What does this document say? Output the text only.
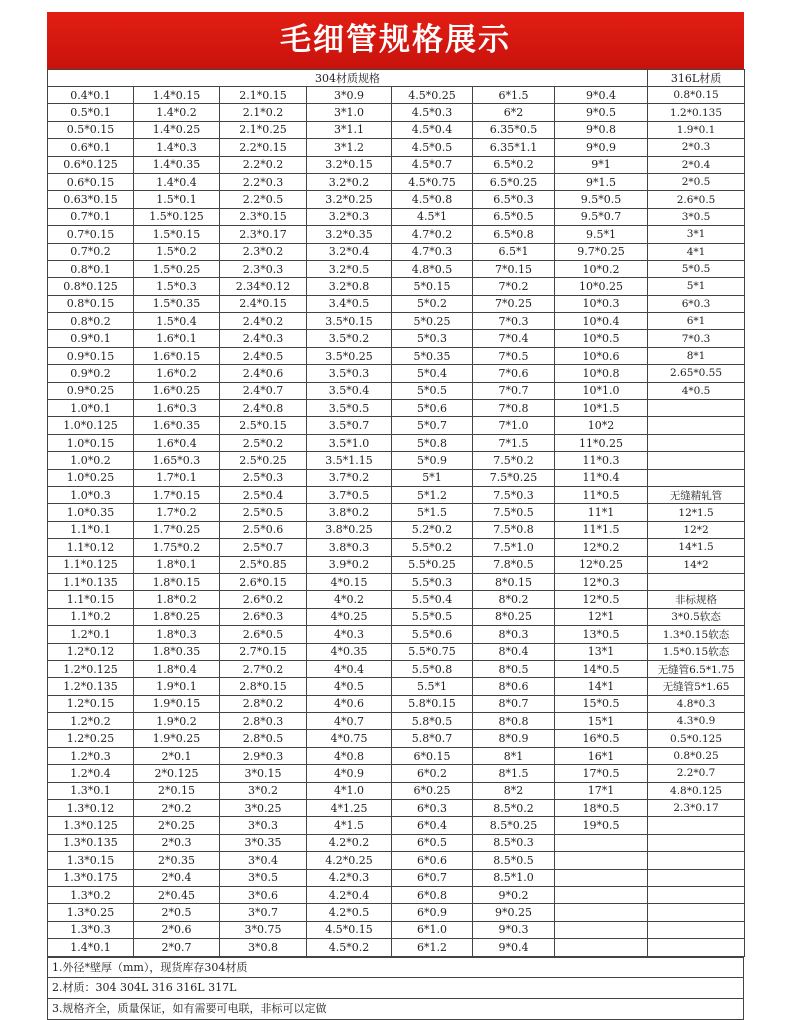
毛细管规格展示
304材质规格							316L材质
0.4*0.1	1.4*0.15	2.1*0.15	3*0.9	4.5*0.25	6*1.5	9*0.4	0.8*0.15
0.5*0.1	1.4*0.2	2.1*0.2	3*1.0	4.5*0.3	6*2	9*0.5	1.2*0.135
0.5*0.15	1.4*0.25	2.1*0.25	3*1.1	4.5*0.4	6.35*0.5	9*0.8	1.9*0.1
0.6*0.1	1.4*0.3	2.2*0.15	3*1.2	4.5*0.5	6.35*1.1	9*0.9	2*0.3
0.6*0.125	1.4*0.35	2.2*0.2	3.2*0.15	4.5*0.7	6.5*0.2	9*1	2*0.4
0.6*0.15	1.4*0.4	2.2*0.3	3.2*0.2	4.5*0.75	6.5*0.25	9*1.5	2*0.5
0.63*0.15	1.5*0.1	2.2*0.5	3.2*0.25	4.5*0.8	6.5*0.3	9.5*0.5	2.6*0.5
0.7*0.1	1.5*0.125	2.3*0.15	3.2*0.3	4.5*1	6.5*0.5	9.5*0.7	3*0.5
0.7*0.15	1.5*0.15	2.3*0.17	3.2*0.35	4.7*0.2	6.5*0.8	9.5*1	3*1
0.7*0.2	1.5*0.2	2.3*0.2	3.2*0.4	4.7*0.3	6.5*1	9.7*0.25	4*1
0.8*0.1	1.5*0.25	2.3*0.3	3.2*0.5	4.8*0.5	7*0.15	10*0.2	5*0.5
0.8*0.125	1.5*0.3	2.34*0.12	3.2*0.8	5*0.15	7*0.2	10*0.25	5*1
0.8*0.15	1.5*0.35	2.4*0.15	3.4*0.5	5*0.2	7*0.25	10*0.3	6*0.3
0.8*0.2	1.5*0.4	2.4*0.2	3.5*0.15	5*0.25	7*0.3	10*0.4	6*1
0.9*0.1	1.6*0.1	2.4*0.3	3.5*0.2	5*0.3	7*0.4	10*0.5	7*0.3
0.9*0.15	1.6*0.15	2.4*0.5	3.5*0.25	5*0.35	7*0.5	10*0.6	8*1
0.9*0.2	1.6*0.2	2.4*0.6	3.5*0.3	5*0.4	7*0.6	10*0.8	2.65*0.55
0.9*0.25	1.6*0.25	2.4*0.7	3.5*0.4	5*0.5	7*0.7	10*1.0	4*0.5
1.0*0.1	1.6*0.3	2.4*0.8	3.5*0.5	5*0.6	7*0.8	10*1.5	
1.0*0.125	1.6*0.35	2.5*0.15	3.5*0.7	5*0.7	7*1.0	10*2	
1.0*0.15	1.6*0.4	2.5*0.2	3.5*1.0	5*0.8	7*1.5	11*0.25	
1.0*0.2	1.65*0.3	2.5*0.25	3.5*1.15	5*0.9	7.5*0.2	11*0.3	
1.0*0.25	1.7*0.1	2.5*0.3	3.7*0.2	5*1	7.5*0.25	11*0.4	
1.0*0.3	1.7*0.15	2.5*0.4	3.7*0.5	5*1.2	7.5*0.3	11*0.5	无缝精轧管
1.0*0.35	1.7*0.2	2.5*0.5	3.8*0.2	5*1.5	7.5*0.5	11*1	12*1.5
1.1*0.1	1.7*0.25	2.5*0.6	3.8*0.25	5.2*0.2	7.5*0.8	11*1.5	12*2
1.1*0.12	1.75*0.2	2.5*0.7	3.8*0.3	5.5*0.2	7.5*1.0	12*0.2	14*1.5
1.1*0.125	1.8*0.1	2.5*0.85	3.9*0.2	5.5*0.25	7.8*0.5	12*0.25	14*2
1.1*0.135	1.8*0.15	2.6*0.15	4*0.15	5.5*0.3	8*0.15	12*0.3	
1.1*0.15	1.8*0.2	2.6*0.2	4*0.2	5.5*0.4	8*0.2	12*0.5	非标规格
1.1*0.2	1.8*0.25	2.6*0.3	4*0.25	5.5*0.5	8*0.25	12*1	3*0.5软态
1.2*0.1	1.8*0.3	2.6*0.5	4*0.3	5.5*0.6	8*0.3	13*0.5	1.3*0.15软态
1.2*0.12	1.8*0.35	2.7*0.15	4*0.35	5.5*0.75	8*0.4	13*1	1.5*0.15软态
1.2*0.125	1.8*0.4	2.7*0.2	4*0.4	5.5*0.8	8*0.5	14*0.5	无缝管6.5*1.75
1.2*0.135	1.9*0.1	2.8*0.15	4*0.5	5.5*1	8*0.6	14*1	无缝管5*1.65
1.2*0.15	1.9*0.15	2.8*0.2	4*0.6	5.8*0.15	8*0.7	15*0.5	4.8*0.3
1.2*0.2	1.9*0.2	2.8*0.3	4*0.7	5.8*0.5	8*0.8	15*1	4.3*0.9
1.2*0.25	1.9*0.25	2.8*0.5	4*0.75	5.8*0.7	8*0.9	16*0.5	0.5*0.125
1.2*0.3	2*0.1	2.9*0.3	4*0.8	6*0.15	8*1	16*1	0.8*0.25
1.2*0.4	2*0.125	3*0.15	4*0.9	6*0.2	8*1.5	17*0.5	2.2*0.7
1.3*0.1	2*0.15	3*0.2	4*1.0	6*0.25	8*2	17*1	4.8*0.125
1.3*0.12	2*0.2	3*0.25	4*1.25	6*0.3	8.5*0.2	18*0.5	2.3*0.17
1.3*0.125	2*0.25	3*0.3	4*1.5	6*0.4	8.5*0.25	19*0.5	
1.3*0.135	2*0.3	3*0.35	4.2*0.2	6*0.5	8.5*0.3		
1.3*0.15	2*0.35	3*0.4	4.2*0.25	6*0.6	8.5*0.5		
1.3*0.175	2*0.4	3*0.5	4.2*0.3	6*0.7	8.5*1.0		
1.3*0.2	2*0.45	3*0.6	4.2*0.4	6*0.8	9*0.2		
1.3*0.25	2*0.5	3*0.7	4.2*0.5	6*0.9	9*0.25		
1.3*0.3	2*0.6	3*0.75	4.5*0.15	6*1.0	9*0.3		
1.4*0.1	2*0.7	3*0.8	4.5*0.2	6*1.2	9*0.4		
1.外径*壁厚（mm），现货库存304材质
2.材质：304 304L 316 316L 317L
3.规格齐全，质量保证，如有需要可电联，非标可以定做
